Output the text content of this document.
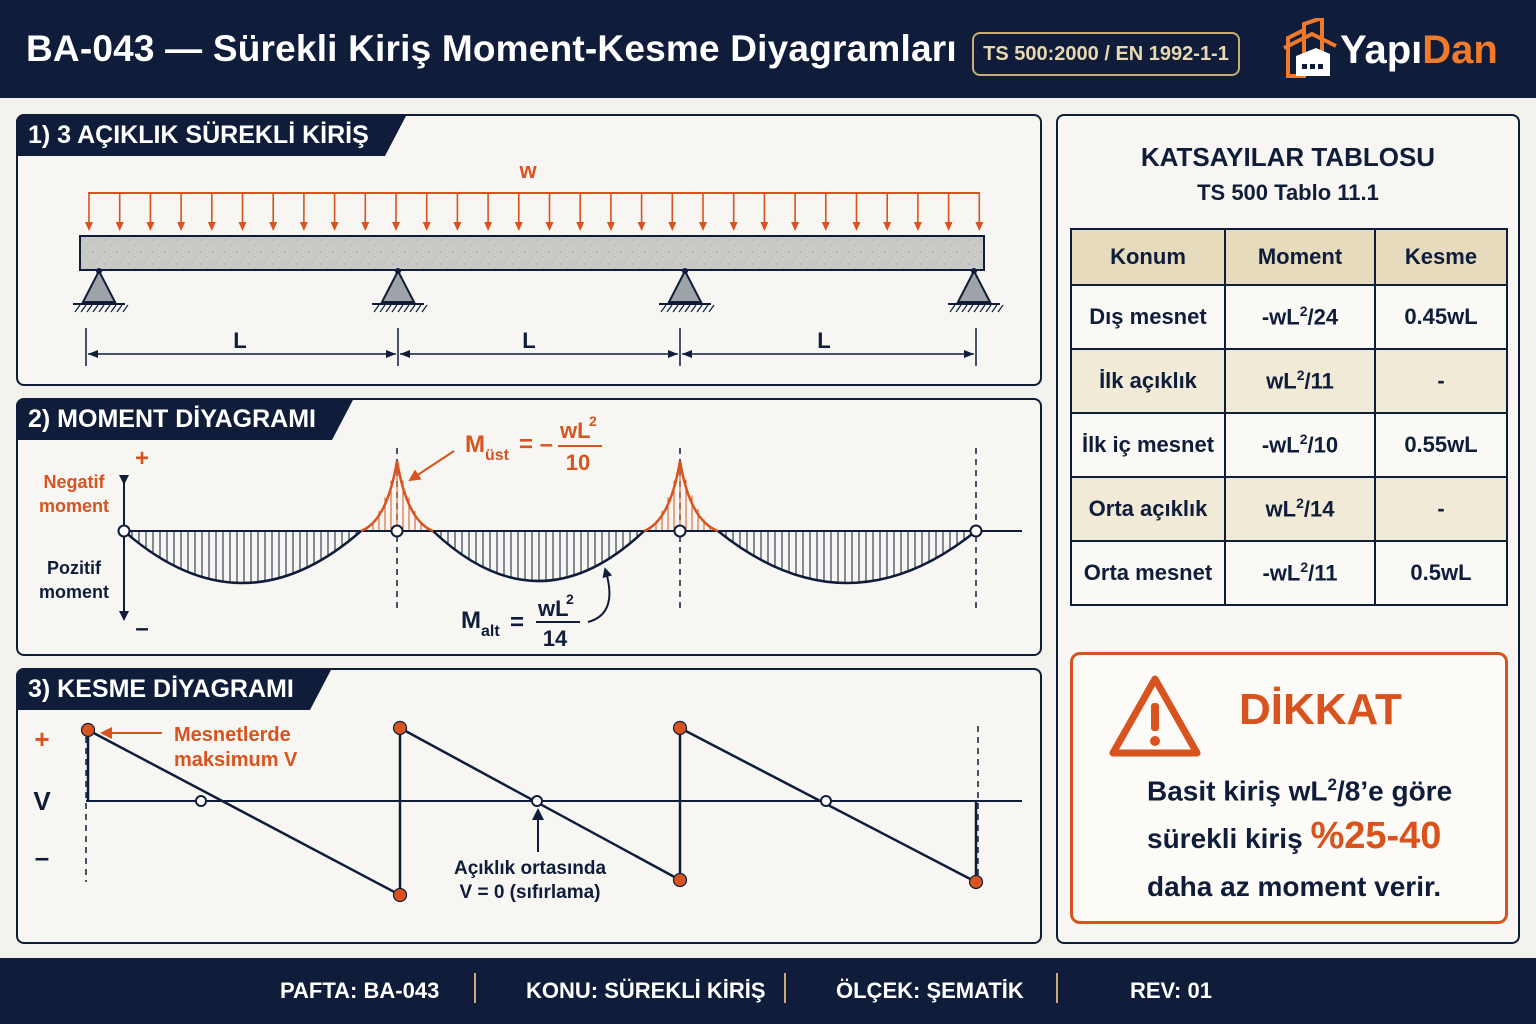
BA-043 — Sürekli Kiriş Moment-Kesme Diyagramları	TS 500:2000 / EN 1992-1-1	YapıDan
1) 3 AÇIKLIK SÜREKLİ KİRİŞ
w
L	L	L
2) MOMENT DİYAGRAMI
+
–
Negatif
moment
Pozitif
moment
M üst = –
wL
2
10
M alt =
wL
2
14
3) KESME DİYAGRAMI
+
V
–
Mesnetlerde
maksimum V
Açıklık ortasında
V = 0 (sıfırlama)
KATSAYILAR TABLOSU
TS 500 Tablo 11.1
Konum	Moment	Kesme
Dış mesnet	$-wL^2/24$	0.45wL
İlk açıklık	$wL^2/11$	-
İlk iç mesnet	$-wL^2/10$	0.55wL
Orta açıklık	$wL^2/14$	-
Orta mesnet	$-wL^2/11$	0.5wL
DİKKAT
Basit kiriş $wL^2/8’e$ göre
sürekli kiriş %25-40
daha az moment verir.
PAFTA: BA-043	KONU: SÜREKLİ KİRİŞ	ÖLÇEK: ŞEMATİK	REV: 01
